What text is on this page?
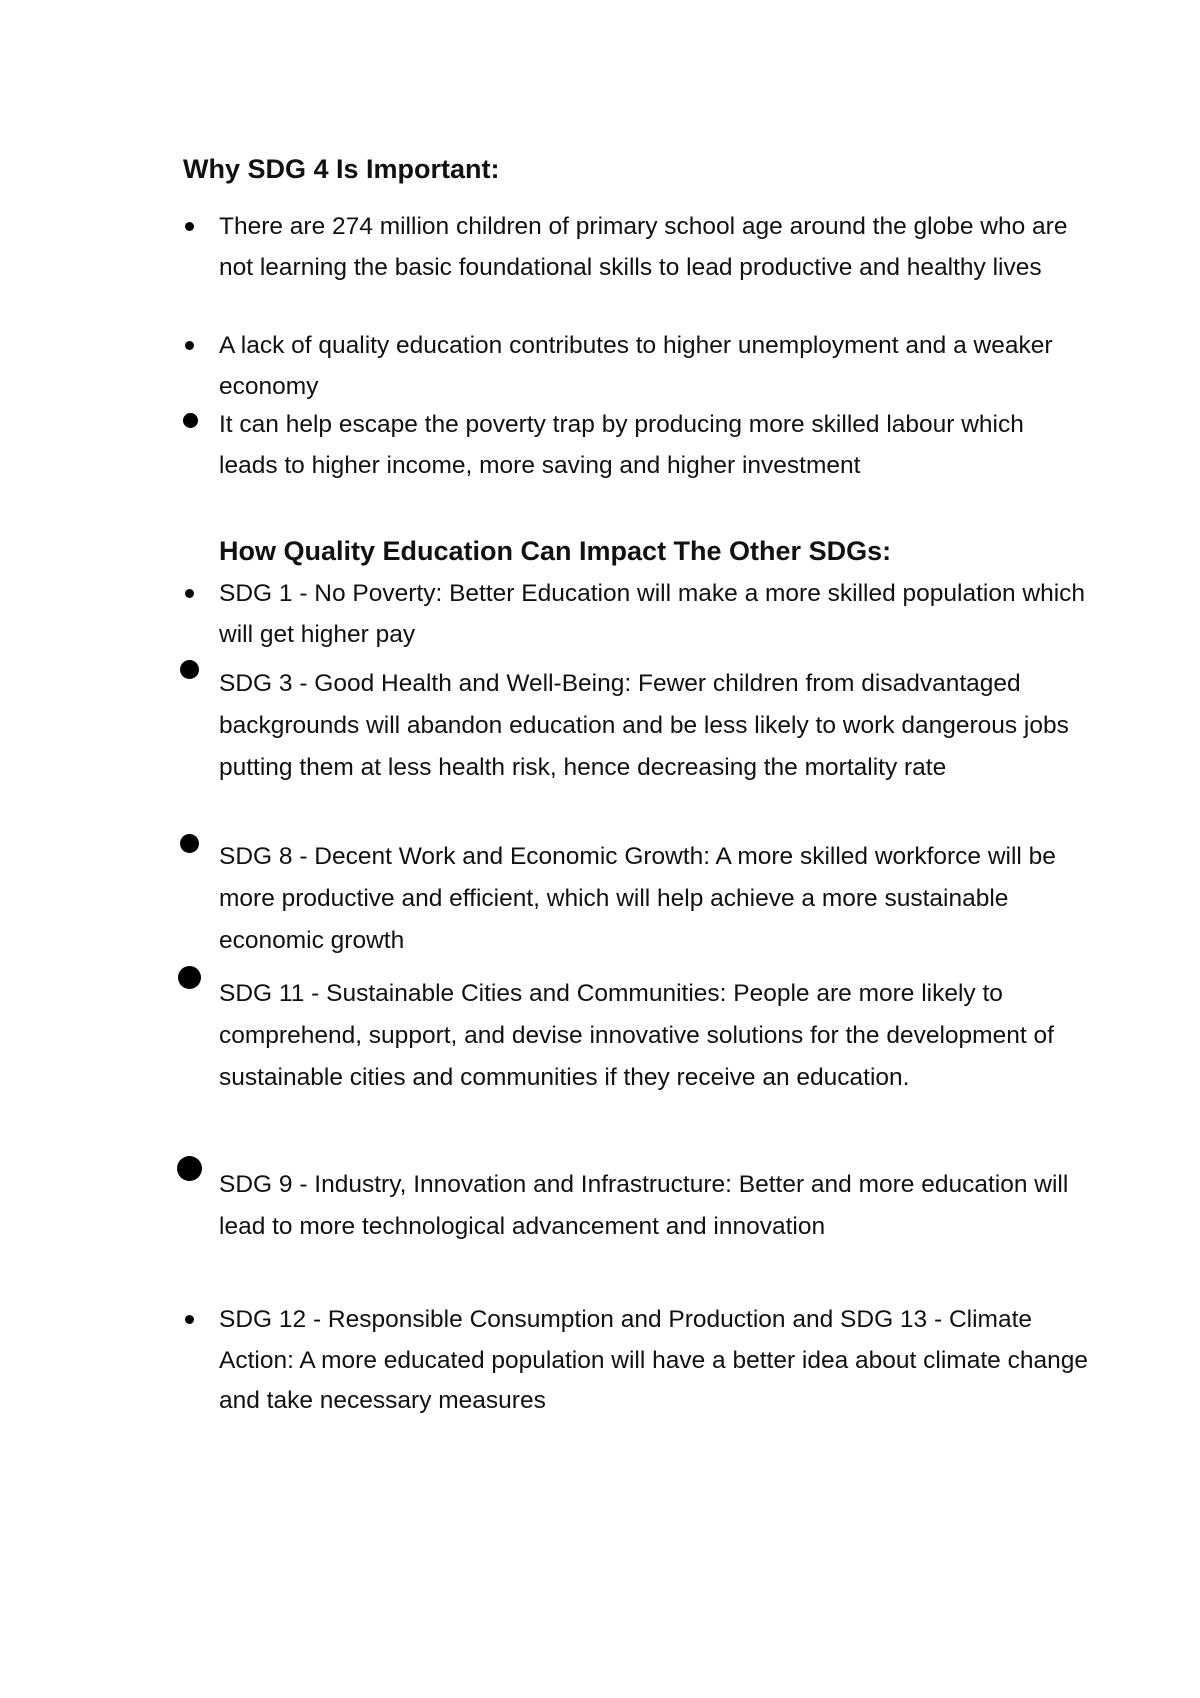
Why SDG 4 Is Important:
There are 274 million children of primary school age around the globe who are not learning the basic foundational skills to lead productive and healthy lives
A lack of quality education contributes to higher unemployment and a weaker economy
It can help escape the poverty trap by producing more skilled labour which leads to higher income, more saving and higher investment
How Quality Education Can Impact The Other SDGs:
SDG 1 - No Poverty: Better Education will make a more skilled population which will get higher pay
SDG 3 - Good Health and Well-Being: Fewer children from disadvantaged backgrounds will abandon education and be less likely to work dangerous jobs putting them at less health risk, hence decreasing the mortality rate
SDG 8 - Decent Work and Economic Growth: A more skilled workforce will be more productive and efficient, which will help achieve a more sustainable economic growth
SDG 11 - Sustainable Cities and Communities: People are more likely to comprehend, support, and devise innovative solutions for the development of sustainable cities and communities if they receive an education.
SDG 9 - Industry, Innovation and Infrastructure: Better and more education will lead to more technological advancement and innovation
SDG 12 - Responsible Consumption and Production and SDG 13 - Climate Action: A more educated population will have a better idea about climate change and take necessary measures
